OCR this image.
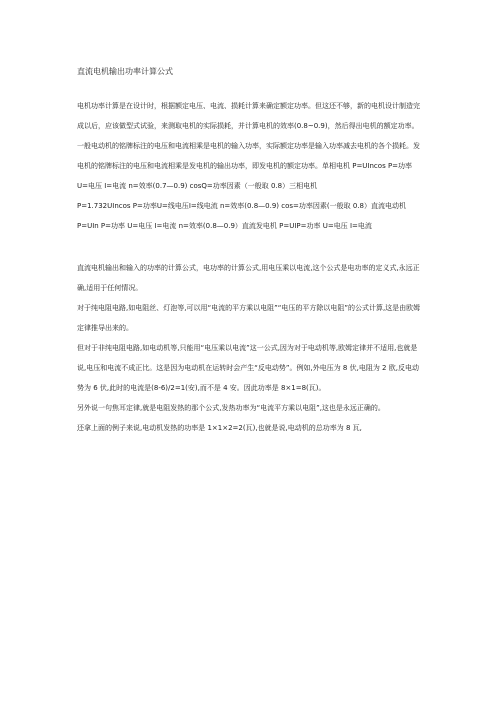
直流电机输出功率计算公式

电机功率计算是在设计时，根据额定电压、电流、损耗计算来确定额定功率。但这还不够，新的电机设计制造完成以后，应该做型式试验，来测取电机的实际损耗，并计算电机的效率(0.8~0.9)，然后得出电机的额定功率。一般电动机的铭牌标注的电压和电流相乘是电机的输入功率，实际额定功率是输入功率减去电机的各个损耗。发电机的铭牌标注的电压和电流相乘是发电机的输出功率，即发电机的额定功率。单相电机 P=UIncos P=功率 U=电压 I=电流 n=效率(0.7—0.9) cosQ=功率因素（一般取 0.8）三相电机

P=1.732UIncos P=功率U=线电压I=线电流 n=效率(0.8—0.9) cos=功率因素(一般取 0.8）直流电动机 P=UIn P=功率 U=电压 I=电流 n=效率(0.8—0.9）直流发电机 P=UIP=功率 U=电压 I=电流

直流电机输出和输入的功率的计算公式，电功率的计算公式,用电压乘以电流,这个公式是电功率的定义式,永远正确,适用于任何情况。

对于纯电阻电路,如电阻丝、灯泡等,可以用“电流的平方乘以电阻”“电压的平方除以电阻”的公式计算,这是由欧姆定律推导出来的。

但对于非纯电阻电路,如电动机等,只能用“电压乘以电流”这一公式,因为对于电动机等,欧姆定律并不适用,也就是说,电压和电流不成正比。这是因为电动机在运转时会产生“反电动势”。例如,外电压为 8 伏,电阻为 2 欧,反电动势为 6 伏,此时的电流是(8-6)/2=1(安),而不是 4 安。因此功率是 8×1=8(瓦)。

另外说一句焦耳定律,就是电阻发热的那个公式,发热功率为“电流平方乘以电阻”,这也是永远正确的。

还拿上面的例子来说,电动机发热的功率是 1×1×2=2(瓦),也就是说,电动机的总功率为 8 瓦,
